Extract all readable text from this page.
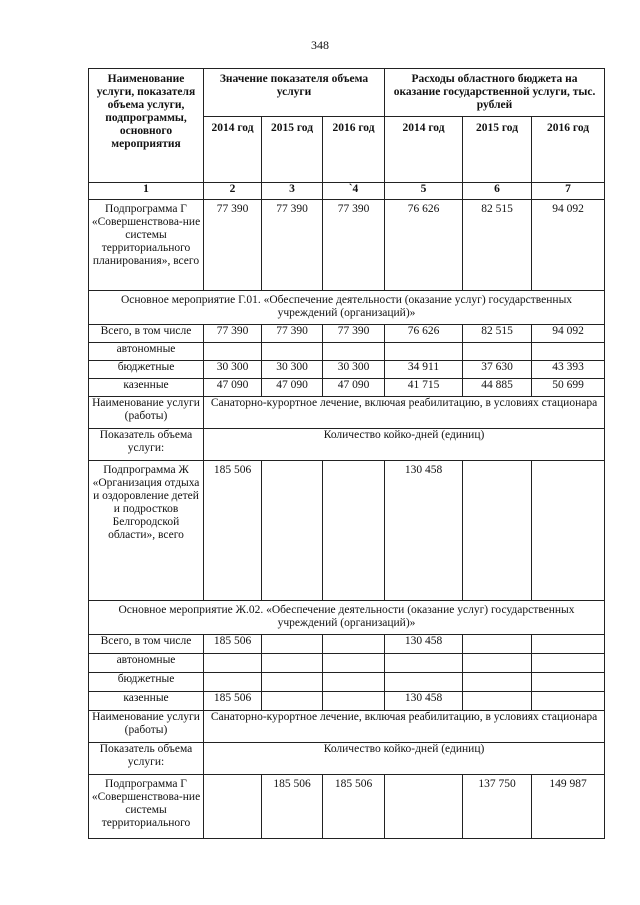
348
Наименование услуги, показателя объема услуги, подпрограммы, основного мероприятия	Значение показателя объема услуги			Расходы областного бюджета на оказание государственной услуги, тыс. рублей		
	2014 год	2015 год	2016 год	2014 год	2015 год	2016 год
1	2	3	`4	5	6	7
Подпрограмма Г «Совершенствова-ние системы территориального планирования», всего	77 390	77 390	77 390	76 626	82 515	94 092
Основное мероприятие Г.01. «Обеспечение деятельности (оказание услуг) государственных учреждений (организаций)»						
Всего, в том числе	77 390	77 390	77 390	76 626	82 515	94 092
автономные						
бюджетные	30 300	30 300	30 300	34 911	37 630	43 393
казенные	47 090	47 090	47 090	41 715	44 885	50 699
Наименование услуги (работы)	Санаторно-курортное лечение, включая реабилитацию, в условиях стационара					
Показатель объема услуги:	Количество койко-дней (единиц)					
Подпрограмма Ж «Организация отдыха и оздоровление детей и подростков Белгородской области», всего	185 506			130 458		
Основное мероприятие Ж.02. «Обеспечение деятельности (оказание услуг) государственных учреждений (организаций)»						
Всего, в том числе	185 506			130 458		
автономные						
бюджетные						
казенные	185 506			130 458		
Наименование услуги (работы)	Санаторно-курортное лечение, включая реабилитацию, в условиях стационара					
Показатель объема услуги:	Количество койко-дней (единиц)					
Подпрограмма Г «Совершенствова-ние системы территориального		185 506	185 506		137 750	149 987
